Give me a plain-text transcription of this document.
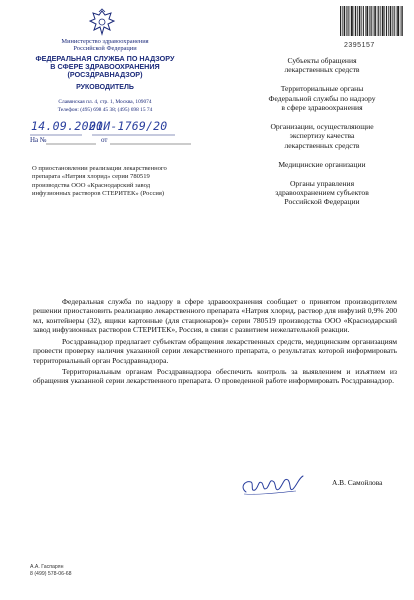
Министерство здравоохранения
Российской Федерации
ФЕДЕРАЛЬНАЯ СЛУЖБА ПО НАДЗОРУ
В СФЕРЕ ЗДРАВООХРАНЕНИЯ
(РОСЗДРАВНАДЗОР)
РУКОВОДИТЕЛЬ
Славянская пл. 4, стр. 1, Москва, 109074
Телефон: (495) 698 45 38; (495) 698 15 74
14.09.2020
01И-1769/20
На №	от
О приостановлении реализации лекарственного
препарата «Натрия хлорид» серии 780519
производства ООО «Краснодарский завод
инфузионных растворов СТЕРИТЕК» (Россия)
2395157
Субъекты обращения
лекарственных средств
Территориальные органы
Федеральной службы по надзору
в сфере здравоохранения
Организации, осуществляющие
экспертизу качества
лекарственных средств
Медицинские организации
Органы управления
здравоохранением субъектов
Российской Федерации

Федеральная служба по надзору в сфере здравоохранения сообщает о принятом производителем решении приостановить реализацию лекарственного препарата «Натрия хлорид, раствор для инфузий 0,9% 200 мл, контейнеры (32), ящики картонные (для стационаров)» серии 780519 производства ООО «Краснодарский завод инфузионных растворов СТЕРИТЕК», Россия, в связи с развитием нежелательной реакции.

Росздравнадзор предлагает субъектам обращения лекарственных средств, медицинским организациям провести проверку наличия указанной серии лекарственного препарата, о результатах которой информировать территориальный орган Росздравнадзора.

Территориальным органам Росздравнадзора обеспечить контроль за выявлением и изъятием из обращения указанной серии лекарственного препарата. О проведенной работе информировать Росздравнадзор.

А.В. Самойлова
А.А. Гаспарян
8 (499) 578-06-68
